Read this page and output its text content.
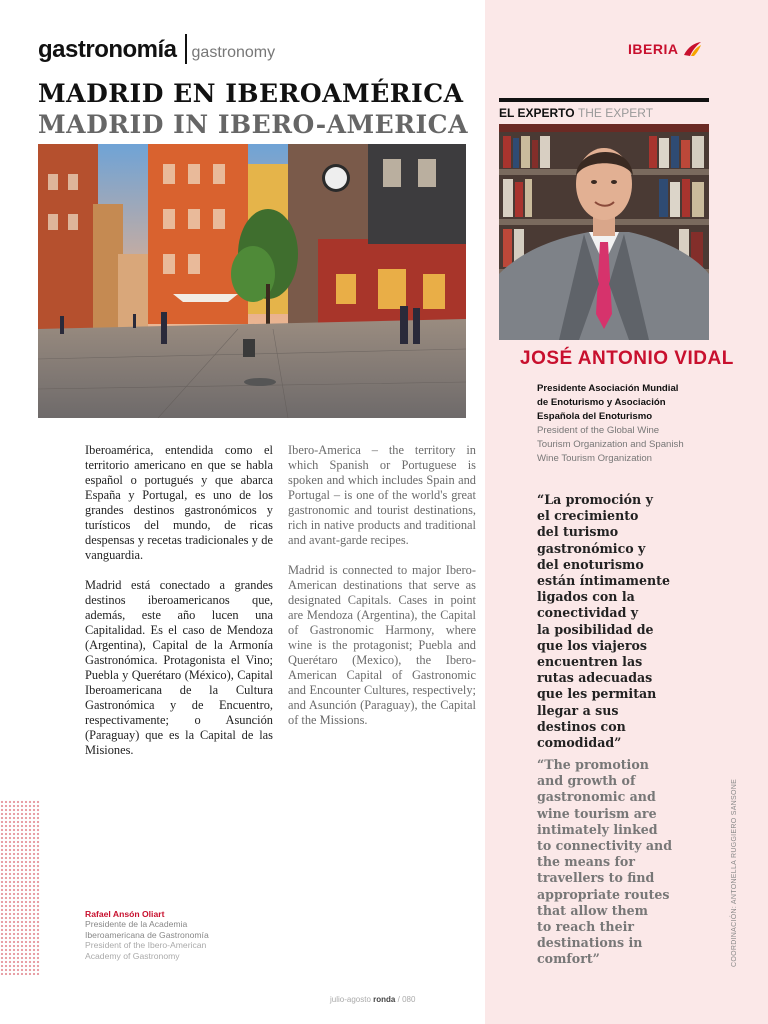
gastronomía gastronomy	IBERIA
MADRID EN IBEROAMÉRICA
MADRID IN IBERO-AMERICA

Iberoamérica, entendida como el territorio americano en que se habla español o portugués y que abarca España y Portugal, es uno de los grandes destinos gastronómicos y turísticos del mundo, de ricas despensas y recetas tradicionales y de vanguardia.

Madrid está conectado a grandes destinos iberoamericanos que, además, este año lucen una Capitalidad. Es el caso de Mendoza (Argentina), Capital de la Armonía Gastronómica. Protagonista el Vino; Puebla y Querétaro (México), Capital Iberoamericana de la Cultura Gastronómica y de Encuentro, respectivamente; o Asunción (Paraguay) que es la Capital de las Misiones.

Ibero-America – the territory in which Spanish or Portuguese is spoken and which includes Spain and Portugal – is one of the world's great gastronomic and tourist destinations, rich in native products and traditional and avant-garde recipes.

Madrid is connected to major Ibero-American destinations that serve as designated Capitals. Cases in point are Mendoza (Argentina), the Capital of Gastronomic Harmony, where wine is the protagonist; Puebla and Querétaro (Mexico), the Ibero-American Capital of Gastronomic and Encounter Cultures, respectively; and Asunción (Paraguay), the Capital of the Missions.

Rafael Ansón Oliart
Presidente de la Academia
Iberoamericana de Gastronomía
President of the Ibero-American
Academy of Gastronomy
julio-agosto ronda / 080
EL EXPERTO THE EXPERT
JOSÉ ANTONIO VIDAL
Presidente Asociación Mundial
de Enoturismo y Asociación
Española del Enoturismo
President of the Global Wine
Tourism Organization and Spanish
Wine Tourism Organization
“La promoción y
el crecimiento
del turismo
gastronómico y
del enoturismo
están íntimamente
ligados con la
conectividad y
la posibilidad de
que los viajeros
encuentren las
rutas adecuadas
que les permitan
llegar a sus
destinos con
comodidad”
“The promotion
and growth of
gastronomic and
wine tourism are
intimately linked
to connectivity and
the means for
travellers to find
appropriate routes
that allow them
to reach their
destinations in
comfort”	COORDINACIÓN: ANTONELLA RUGGIERO SANSONE
